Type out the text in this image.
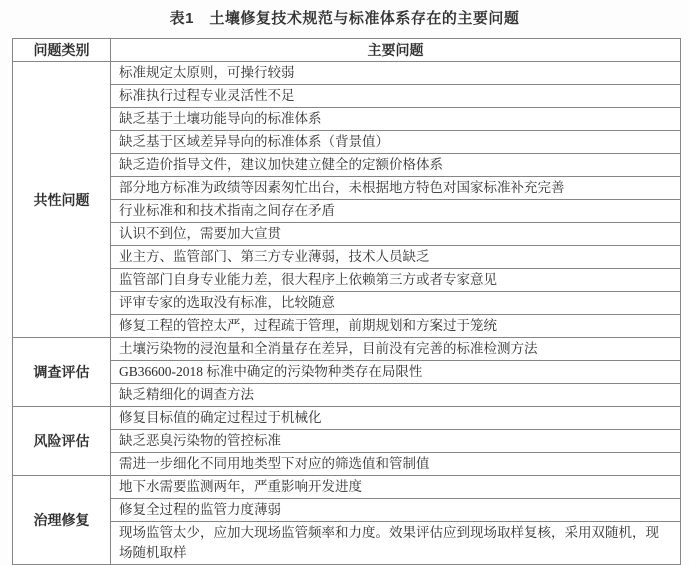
表1　土壤修复技术规范与标准体系存在的主要问题
问题类别	主要问题
共性问题	标准规定太原则，可操行较弱
	标准执行过程专业灵活性不足
	缺乏基于土壤功能导向的标准体系
	缺乏基于区域差异导向的标准体系（背景值）
	缺乏造价指导文件，建议加快建立健全的定额价格体系
	部分地方标准为政绩等因素匆忙出台，未根据地方特色对国家标准补充完善
	行业标准和和技术指南之间存在矛盾
	认识不到位，需要加大宣贯
	业主方、监管部门、第三方专业薄弱，技术人员缺乏
	监管部门自身专业能力差，很大程序上依赖第三方或者专家意见
	评审专家的选取没有标准，比较随意
	修复工程的管控太严，过程疏于管理，前期规划和方案过于笼统
调查评估	土壤污染物的浸泡量和全消量存在差异，目前没有完善的标准检测方法
	GB36600-2018 标准中确定的污染物种类存在局限性
	缺乏精细化的调查方法
风险评估	修复目标值的确定过程过于机械化
	缺乏恶臭污染物的管控标准
	需进一步细化不同用地类型下对应的筛选值和管制值
治理修复	地下水需要监测两年，严重影响开发进度
	修复全过程的监管力度薄弱
	现场监管太少，应加大现场监管频率和力度。效果评估应到现场取样复核，采用双随机，现场随机取样
